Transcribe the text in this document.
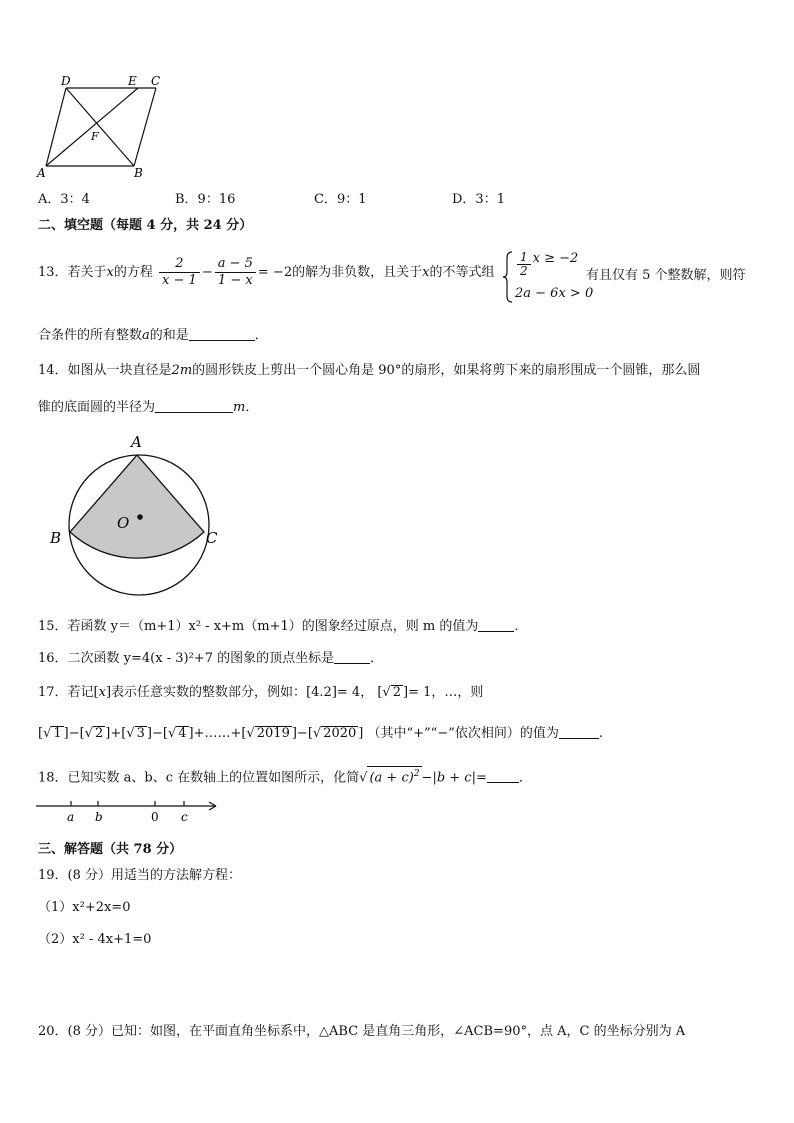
D	E C
F
A	B
A．3：4	B．9：16	C．9：1	D．3：1
二、填空题（每题 4 分，共 24 分）
13．若关于x的方程 $\frac{2}{x - 1} - \frac{a - 5}{1 - x} = -2$的解为非负数，且关于x的不等式组 $\frac{1}{2}$ x ≥ −2
2a − 6x > 0
有且仅有 5 个整数解，则符
合条件的所有整数a的和是	．
14．如图从一块直径是2m的圆形铁皮上剪出一个圆心角是 90°的扇形，如果将剪下来的扇形围成一个圆锥，那么圆
锥的底面圆的半径为	m．
A
B	C
O
15．若函数 y＝（m+1）x² - x+m（m+1）的图象经过原点，则 m 的值为	．
16．二次函数 y=4(x - 3)²+7 的图象的顶点坐标是	．
17．若记[x]表示任意实数的整数部分，例如：[4.2]= 4， [√ 2 ]= 1，…，则
[√ 1 ]−[√ 2 ]+[√ 3 ]−[√ 4 ]+……+[√ 2019 ]−[√ 2020 ] （其中“+”“−”依次相间）的值为	.
18．已知实数 a、b、c 在数轴上的位置如图所示，化简√ $(a + c)^2 -|b + c|=$ ．
a b	0 c
三、解答题（共 78 分）
19．(8 分）用适当的方法解方程：
（1）x²+2x=0
（2）x² - 4x+1=0
20．(8 分）已知：如图，在平面直角坐标系中，△ABC 是直角三角形，∠ACB=90°，点 A，C 的坐标分别为 A
